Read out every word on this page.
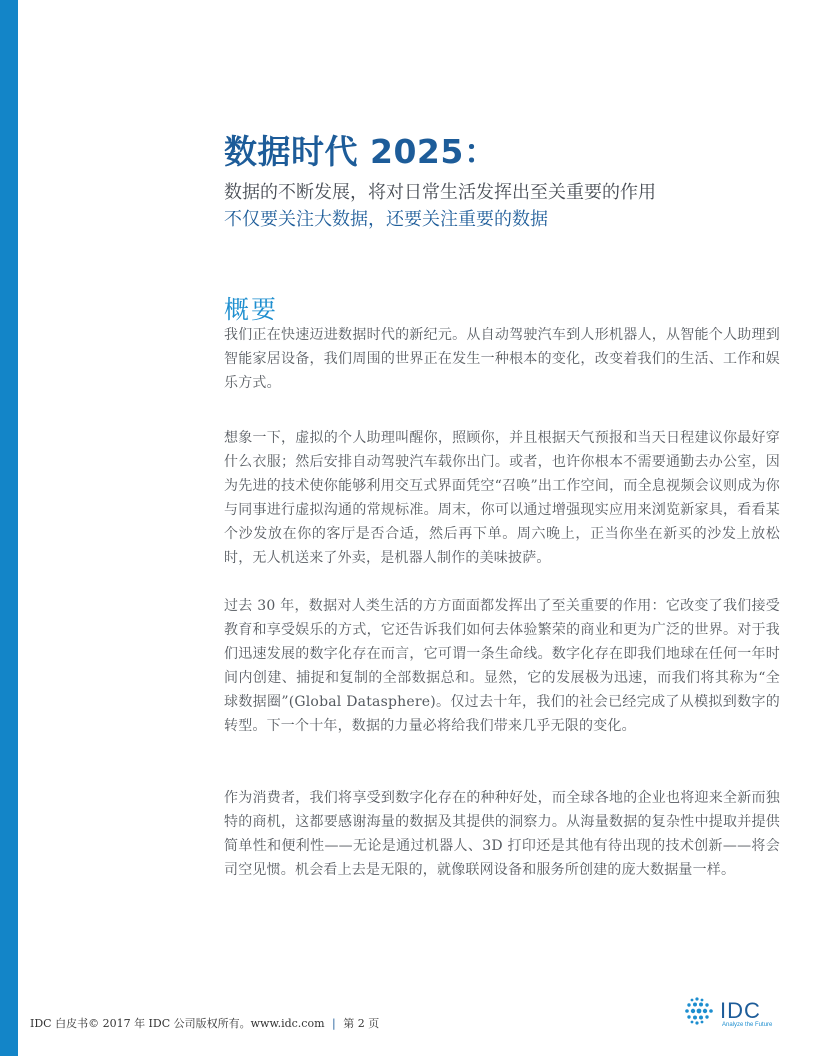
数据时代 2025：

数据的不断发展，将对日常生活发挥出至关重要的作用

不仅要关注大数据，还要关注重要的数据

概要

我们正在快速迈进数据时代的新纪元。从自动驾驶汽车到人形机器人，从智能个人助理到智能家居设备，我们周围的世界正在发生一种根本的变化，改变着我们的生活、工作和娱乐方式。

想象一下，虚拟的个人助理叫醒你，照顾你，并且根据天气预报和当天日程建议你最好穿什么衣服；然后安排自动驾驶汽车载你出门。或者，也许你根本不需要通勤去办公室，因为先进的技术使你能够利用交互式界面凭空“召唤”出工作空间，而全息视频会议则成为你与同事进行虚拟沟通的常规标准。周末，你可以通过增强现实应用来浏览新家具，看看某个沙发放在你的客厅是否合适，然后再下单。周六晚上，正当你坐在新买的沙发上放松时，无人机送来了外卖，是机器人制作的美味披萨。

过去 30 年，数据对人类生活的方方面面都发挥出了至关重要的作用：它改变了我们接受教育和享受娱乐的方式，它还告诉我们如何去体验繁荣的商业和更为广泛的世界。对于我们迅速发展的数字化存在而言，它可谓一条生命线。数字化存在即我们地球在任何一年时间内创建、捕捉和复制的全部数据总和。显然，它的发展极为迅速，而我们将其称为“全球数据圈”(Global Datasphere)。仅过去十年，我们的社会已经完成了从模拟到数字的转型。下一个十年，数据的力量必将给我们带来几乎无限的变化。

作为消费者，我们将享受到数字化存在的种种好处，而全球各地的企业也将迎来全新而独特的商机，这都要感谢海量的数据及其提供的洞察力。从海量数据的复杂性中提取并提供简单性和便利性——无论是通过机器人、3D 打印还是其他有待出现的技术创新——将会司空见惯。机会看上去是无限的，就像联网设备和服务所创建的庞大数据量一样。

IDC 白皮书© 2017 年 IDC 公司版权所有。www.idc.com | 第 2 页
IDC
Analyze the Future
